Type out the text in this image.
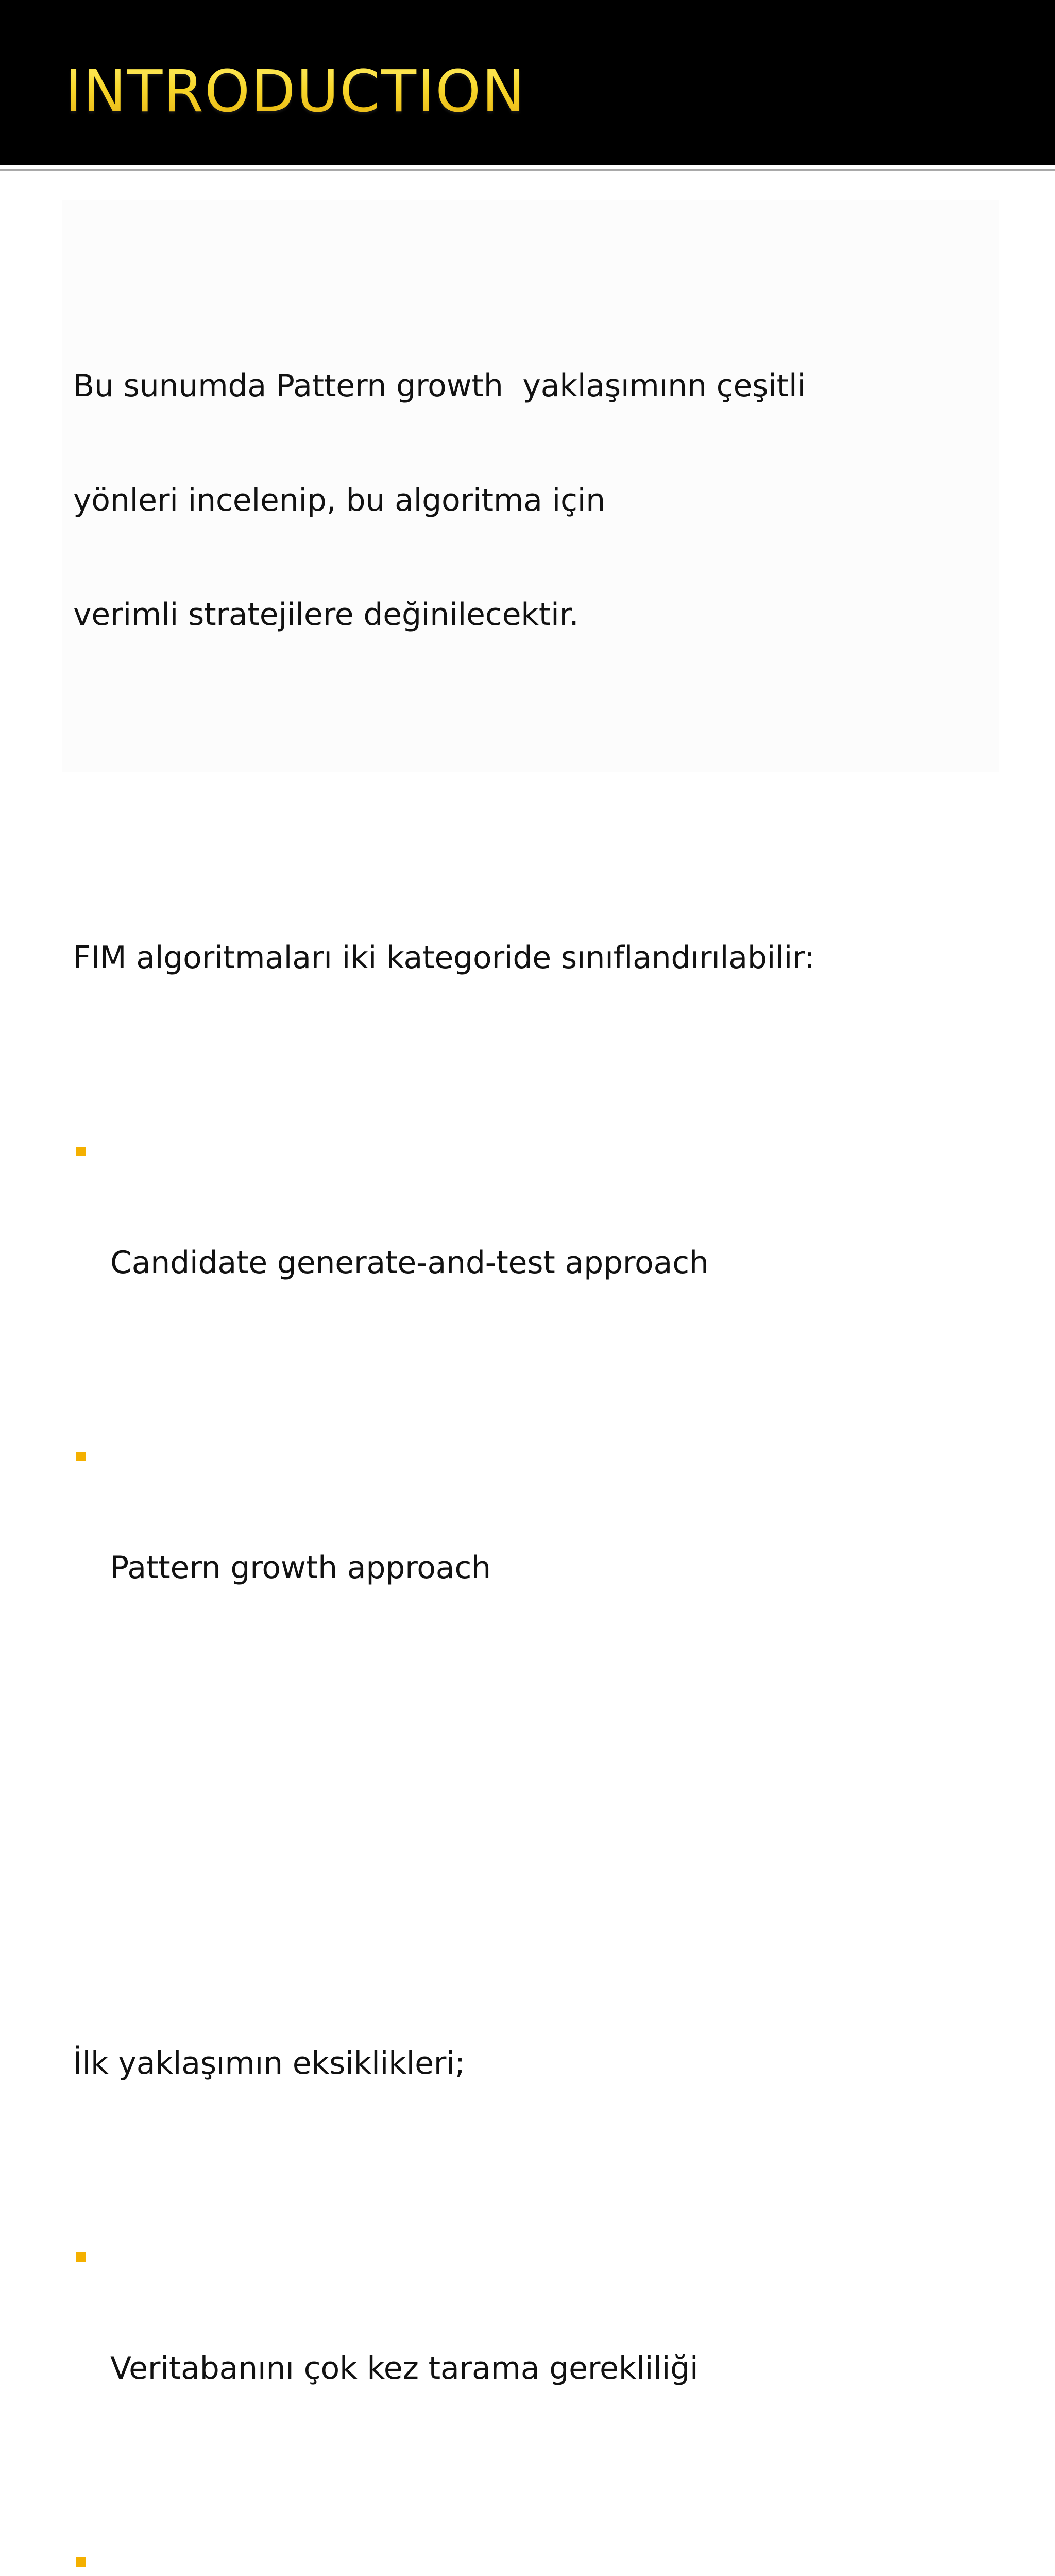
INTRODUCTION

Bu sunumda Pattern growth  yaklaşımınn çeşitli

yönleri incelenip, bu algoritma için

verimli stratejilere değinilecektir.

FIM algoritmaları iki kategoride sınıflandırılabilir:

Candidate generate-and-test approach

Pattern growth approach

İlk yaklaşımın eksiklikleri;

Veritabanını çok kez tarama gerekliliği
